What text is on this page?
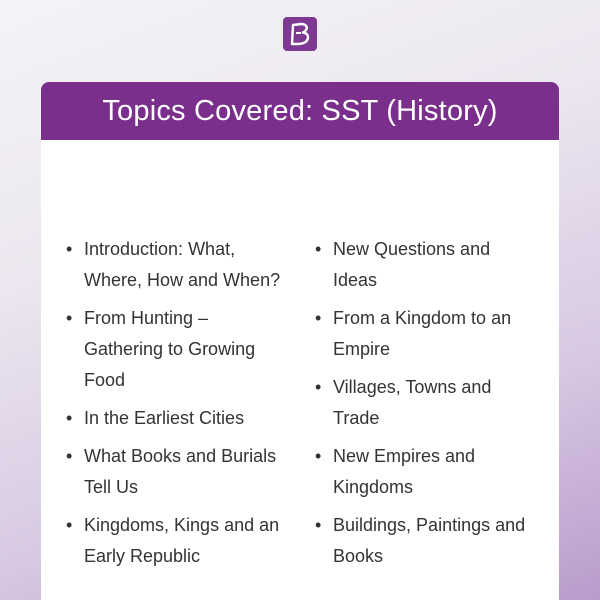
Topics Covered: SST (History)
• Introduction: What, Where, How and When?
• From Hunting – Gathering to Growing Food
• In the Earliest Cities
• What Books and Burials Tell Us
• Kingdoms, Kings and an Early Republic
• New Questions and Ideas
• From a Kingdom to an Empire
• Villages, Towns and Trade
• New Empires and Kingdoms
• Buildings, Paintings and Books
